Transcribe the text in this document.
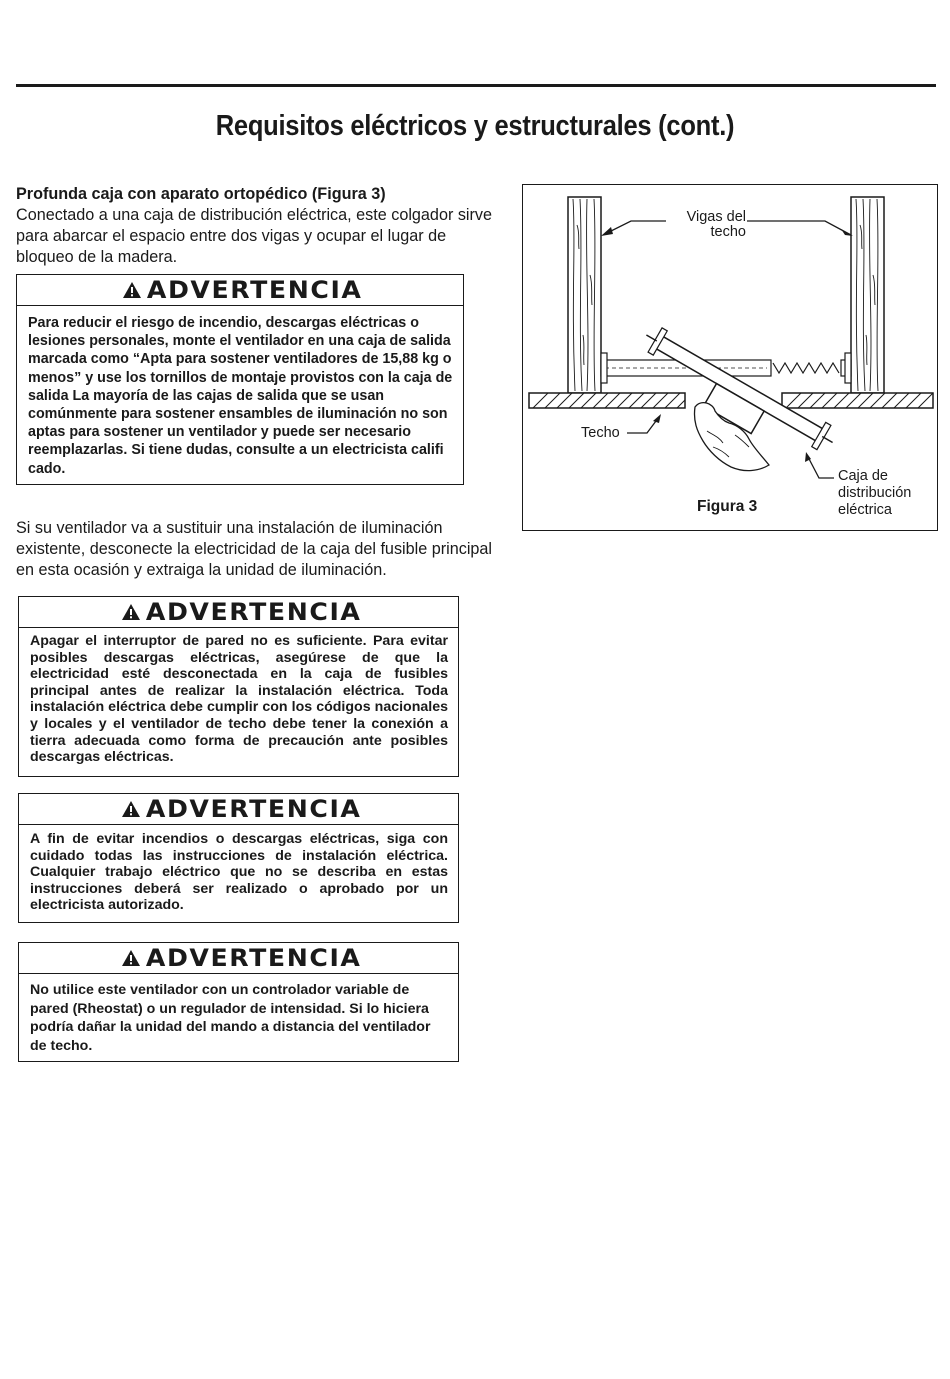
Requisitos eléctricos y estructurales (cont.)
Profunda caja con aparato ortopédico (Figura 3)
Conectado a una caja de distribución eléctrica, este colgador sirve para abarcar el espacio entre dos vigas y ocupar el lugar de bloqueo de la madera.
ADVERTENCIA
Para reducir el riesgo de incendio, descargas eléctricas o lesiones personales, monte el ventilador en una caja de salida marcada como “Apta para sostener ventiladores de 15,88 kg o menos” y use los tornillos de montaje provistos con la caja de salida La mayoría de las cajas de salida que se usan comúnmente para sostener ensambles de iluminación no son aptas para sostener un ventilador y puede ser necesario reemplazarlas. Si tiene dudas, consulte a un electricista califi cado.
Si su ventilador va a sustituir una instalación de iluminación existente, desconecte la electricidad de la caja del fusible principal en esta ocasión y extraiga la unidad de iluminación.
ADVERTENCIA
Apagar el interruptor de pared no es suficiente. Para evitar posibles descargas eléctricas, asegúrese de que la electricidad esté desconectada en la caja de fusibles principal antes de realizar la instalación eléctrica. Toda instalación eléctrica debe cumplir con los códigos nacionales y locales y el ventilador de techo debe tener la conexión a tierra adecuada como forma de precaución ante posibles descargas eléctricas.
ADVERTENCIA
A fin de evitar incendios o descargas eléctricas, siga con cuidado todas las instrucciones de instalación eléctrica. Cualquier trabajo eléctrico que no se describa en estas instrucciones deberá ser realizado o aprobado por un electricista autorizado.
ADVERTENCIA
No utilice este ventilador con un controlador variable de pared (Rheostat) o un regulador de intensidad. Si lo hiciera podría dañar la unidad del mando a distancia del ventilador de techo.
Vigas del
techo
Techo
Caja de
distribución
eléctrica
Figura 3
